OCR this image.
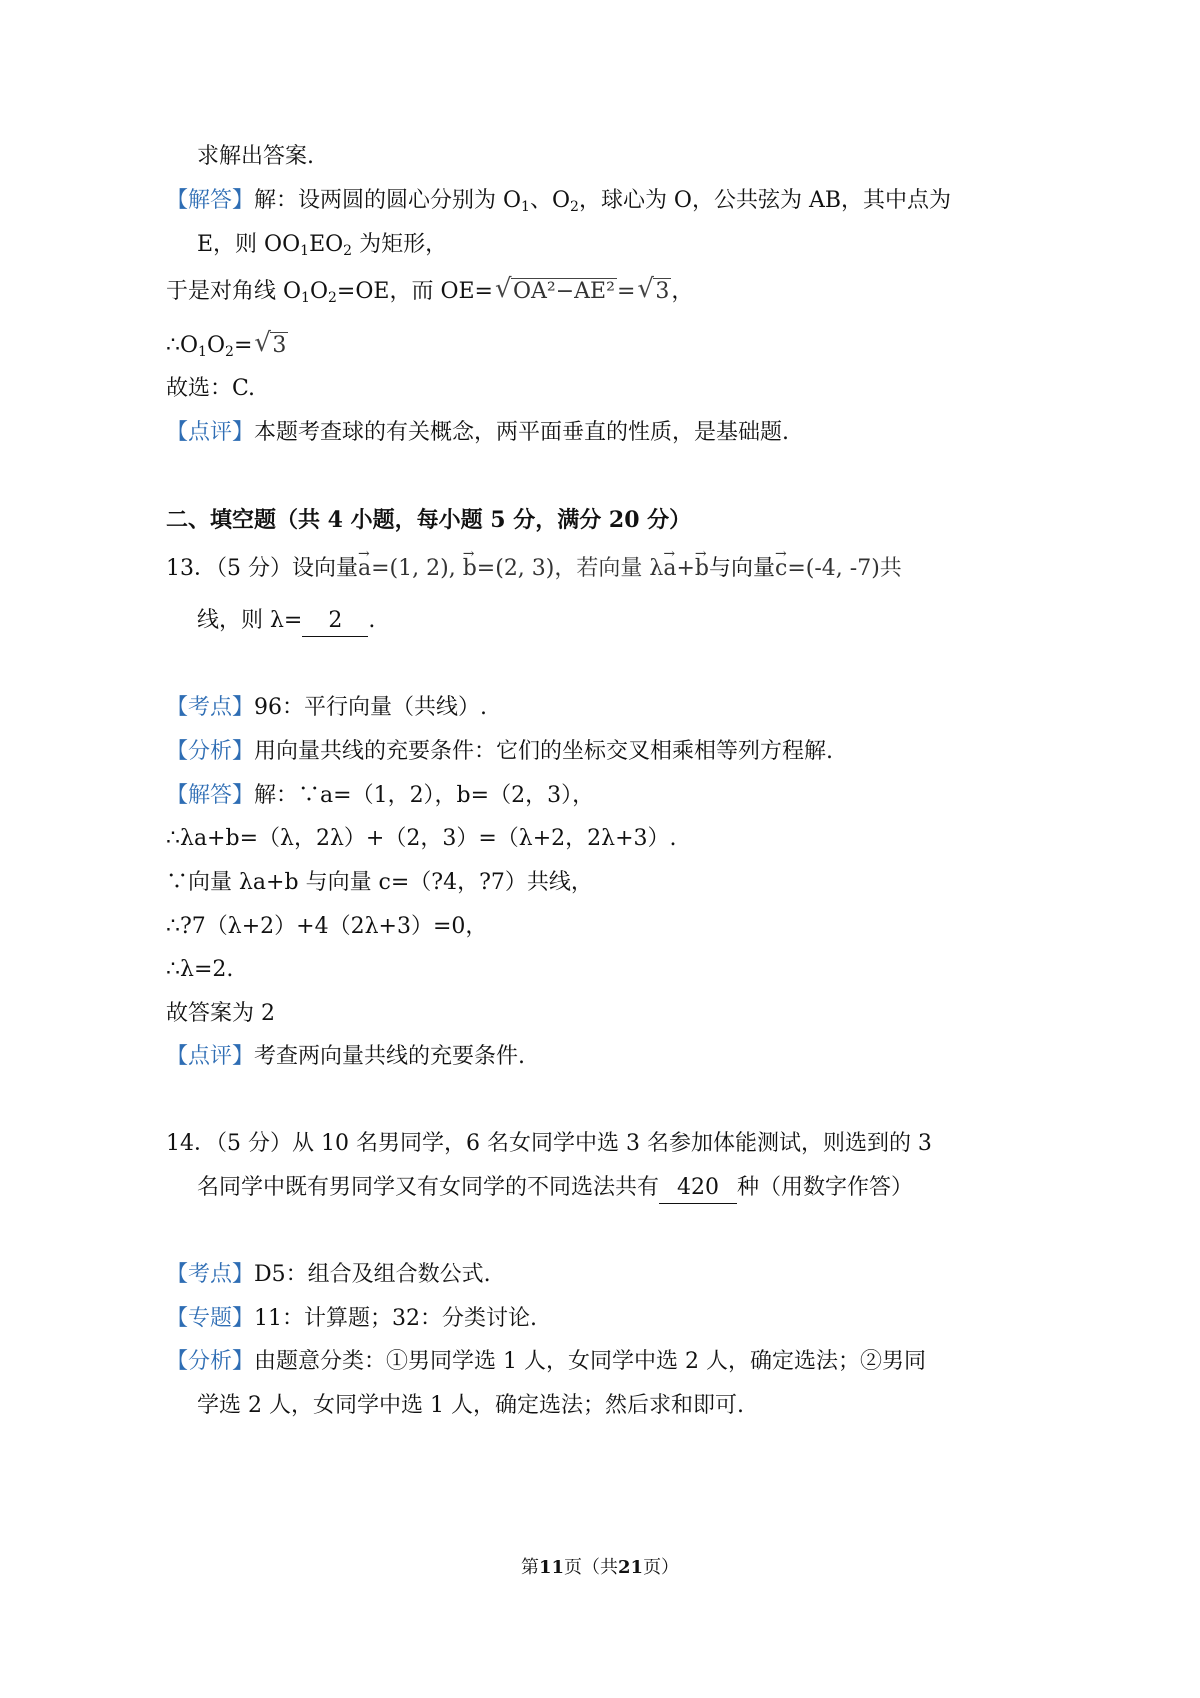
求解出答案.
【解答】解：设两圆的圆心分别为 $O_1$、$O_2$，球心为 O，公共弦为 AB，其中点为
E，则 $OO_1EO_2$ 为矩形，
于是对角线 $O_1O_2=OE$，而 OE=√ OA²−AE²=√ 3，
$\therefore O_1O_2=√$ 3
故选：C.
【点评】本题考查球的有关概念，两平面垂直的性质，是基础题.
二、填空题（共 4 小题，每小题 5 分，满分 20 分）
13．（5 分）设向量→ a=(1, 2), → b=(2, 3)，若向量 λ→ a+→ b与向量→ c=(-4, -7)共
线，则 λ= 2 .
【考点】96：平行向量（共线）.
【分析】用向量共线的充要条件：它们的坐标交叉相乘相等列方程解.
【解答】解：∵a=（1，2），b=（2，3），
∴λa+b=（λ，2λ）+（2，3）=（λ+2，2λ+3）.
∵向量 λa+b 与向量 c=（?4，?7）共线，
∴?7（λ+2）+4（2λ+3）=0，
∴λ=2.
故答案为 2
【点评】考查两向量共线的充要条件.
14．（5 分）从 10 名男同学，6 名女同学中选 3 名参加体能测试，则选到的 3
名同学中既有男同学又有女同学的不同选法共有 420 种（用数字作答）
【考点】D5：组合及组合数公式.
【专题】11：计算题；32：分类讨论.
【分析】由题意分类：①男同学选 1 人，女同学中选 2 人，确定选法；②男同
学选 2 人，女同学中选 1 人，确定选法；然后求和即可.
第11页（共21页）
